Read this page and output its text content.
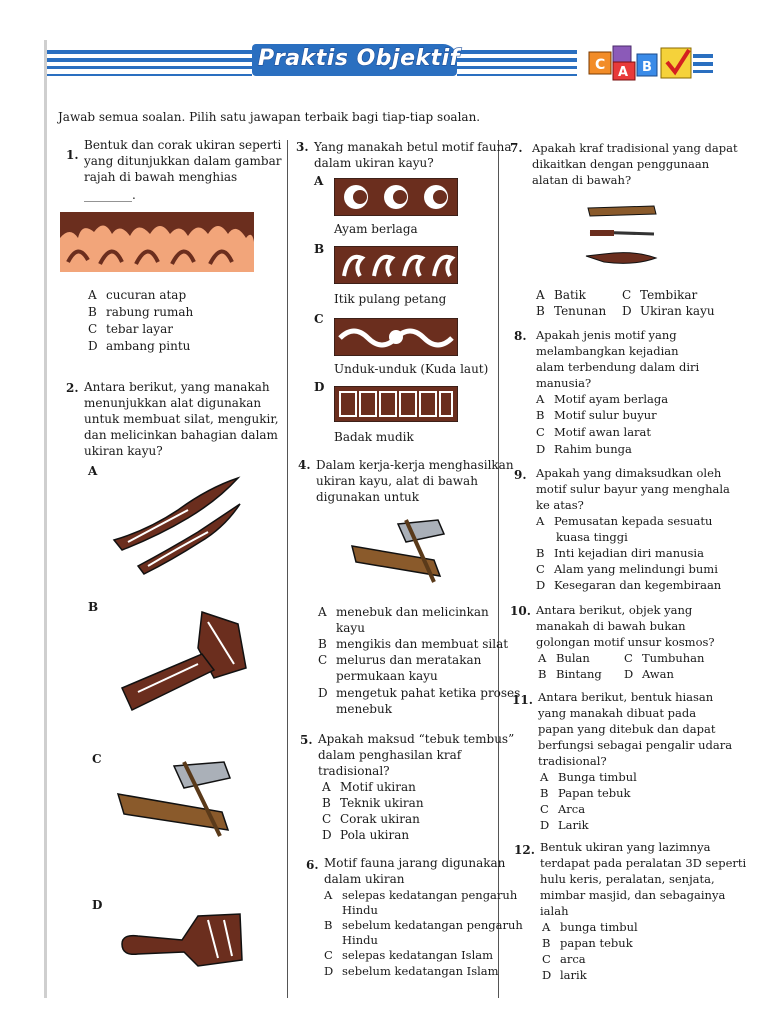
Praktis Objektif	C A B
Jawab semua soalan. Pilih satu jawapan terbaik bagi tiap-tiap soalan.
1.
Bentuk dan corak ukiran seperti
yang ditunjukkan dalam gambar
rajah di bawah menghias
________.
A cucuran atap
B rabung rumah
C tebar layar
D ambang pintu
2. Antara berikut, yang manakah
menunjukkan alat digunakan
untuk membuat silat, mengukir,
dan melicinkan bahagian dalam
ukiran kayu?
A
B
C
D
3. Yang manakah betul motif fauna
dalam ukiran kayu?
A
Ayam berlaga
B
Itik pulang petang
C
Unduk-unduk (Kuda laut)
D
Badak mudik
4. Dalam kerja-kerja menghasilkan
ukiran kayu, alat di bawah
digunakan untuk
A menebuk dan melicinkan
kayu
B mengikis dan membuat silat
C melurus dan meratakan
permukaan kayu
D mengetuk pahat ketika proses
menebuk
5. Apakah maksud “tebuk tembus”
dalam penghasilan kraf
tradisional?
A Motif ukiran
B Teknik ukiran
C Corak ukiran
D Pola ukiran
6. Motif fauna jarang digunakan
dalam ukiran
A selepas kedatangan pengaruh
Hindu
B sebelum kedatangan pengaruh
Hindu
C selepas kedatangan Islam
D sebelum kedatangan Islam
7. Apakah kraf tradisional yang dapat
dikaitkan dengan penggunaan
alatan di bawah?
A Batik	C Tembikar
B Tenunan D Ukiran kayu
8. Apakah jenis motif yang
melambangkan kejadian
alam terbendung dalam diri
manusia?
A Motif ayam berlaga
B Motif sulur buyur
C Motif awan larat
D Rahim bunga
9. Apakah yang dimaksudkan oleh
motif sulur bayur yang menghala
ke atas?
A Pemusatan kepada sesuatu
kuasa tinggi
B Inti kejadian diri manusia
C Alam yang melindungi bumi
D Kesegaran dan kegembiraan
10. Antara berikut, objek yang
manakah di bawah bukan
golongan motif unsur kosmos?
A Bulan	C Tumbuhan
B Bintang D Awan
11. Antara berikut, bentuk hiasan
yang manakah dibuat pada
papan yang ditebuk dan dapat
berfungsi sebagai pengalir udara
tradisional?
A Bunga timbul
B Papan tebuk
C Arca
D Larik
12. Bentuk ukiran yang lazimnya
terdapat pada peralatan 3D seperti
hulu keris, peralatan, senjata,
mimbar masjid, dan sebagainya
ialah
A bunga timbul
B papan tebuk
C arca
D larik
